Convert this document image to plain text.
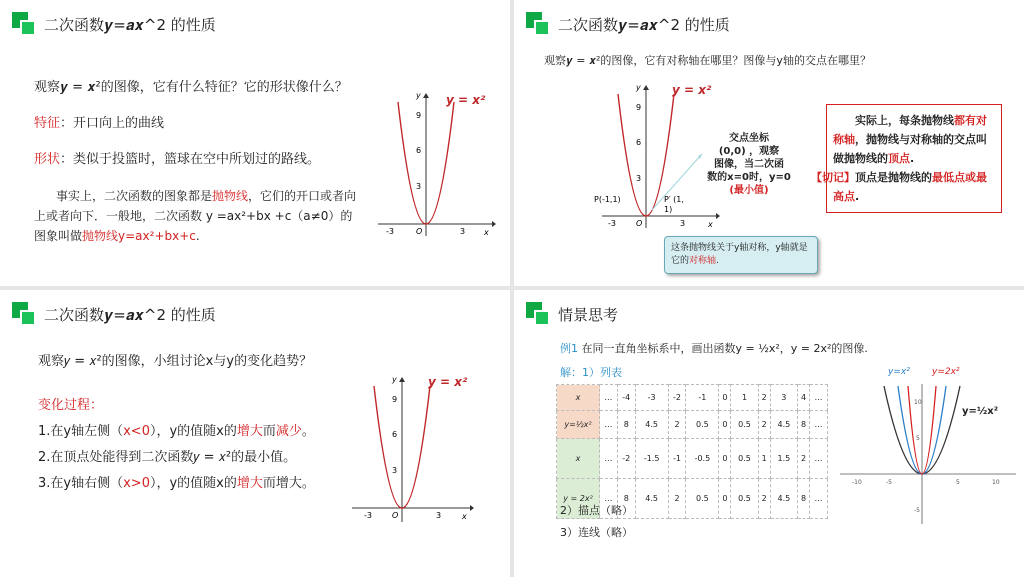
二次函数𝒚=𝒂𝒙^2 的性质
观察𝒚 = 𝒙²的图像，它有什么特征？它的形状像什么？
特征：开口向上的曲线
形状：类似于投篮时，篮球在空中所划过的路线。
事实上，二次函数的图象都是抛物线，它们的开口或者向上或者向下．一般地，二次函数 y =ax²+bx +c（a≠0）的图象叫做抛物线y=ax²+bx+c.
y
x
O
9
6
3
-3	3
y = x²
二次函数𝒚=𝒂𝒙^2 的性质
观察𝒚 = 𝒙²的图像，它有对称轴在哪里？图像与y轴的交点在哪里？
y
x
O
9
6
3
-3	3
P(-1,1)	P′ (1,
1)
y = x²
交点坐标
(0,0) ，观察
图像，当二次函
数的x=0时，y=0
(最小值)
这条抛物线关于y轴对称，y轴就是它的对称轴.
实际上，每条抛物线都有对称轴，抛物线与对称轴的交点叫做抛物线的顶点.
【切记】顶点是抛物线的最低点或最高点.
二次函数𝒚=𝒂𝒙^2 的性质
观察𝑦 = 𝑥²的图像，小组讨论x与y的变化趋势？
变化过程：
1.在y轴左侧（x<0），y的值随x的增大而减少。
2.在顶点处能得到二次函数𝑦 = 𝑥²的最小值。
3.在y轴右侧（x>0），y的值随x的增大而增大。
y
x
O
9
6
3
-3	3
y = x²
情景思考
例1 在同一直角坐标系中，画出函数y = ½x²，y = 2x²的图像.
解：1）列表
x	…	-4	-3	-2	-1	0	1	2	3	4	…
y=½x²	…	8	4.5	2	0.5	0	0.5	2	4.5	8	…
x	…	-2	-1.5	-1	-0.5	0	0.5	1	1.5	2	…
y = 2x²	…	8	4.5	2	0.5	0	0.5	2	4.5	8	…
2）描点（略）
3）连线（略）
-10	-5	5	10
10
5
-5
y=x² y=2x²
y=½x²
